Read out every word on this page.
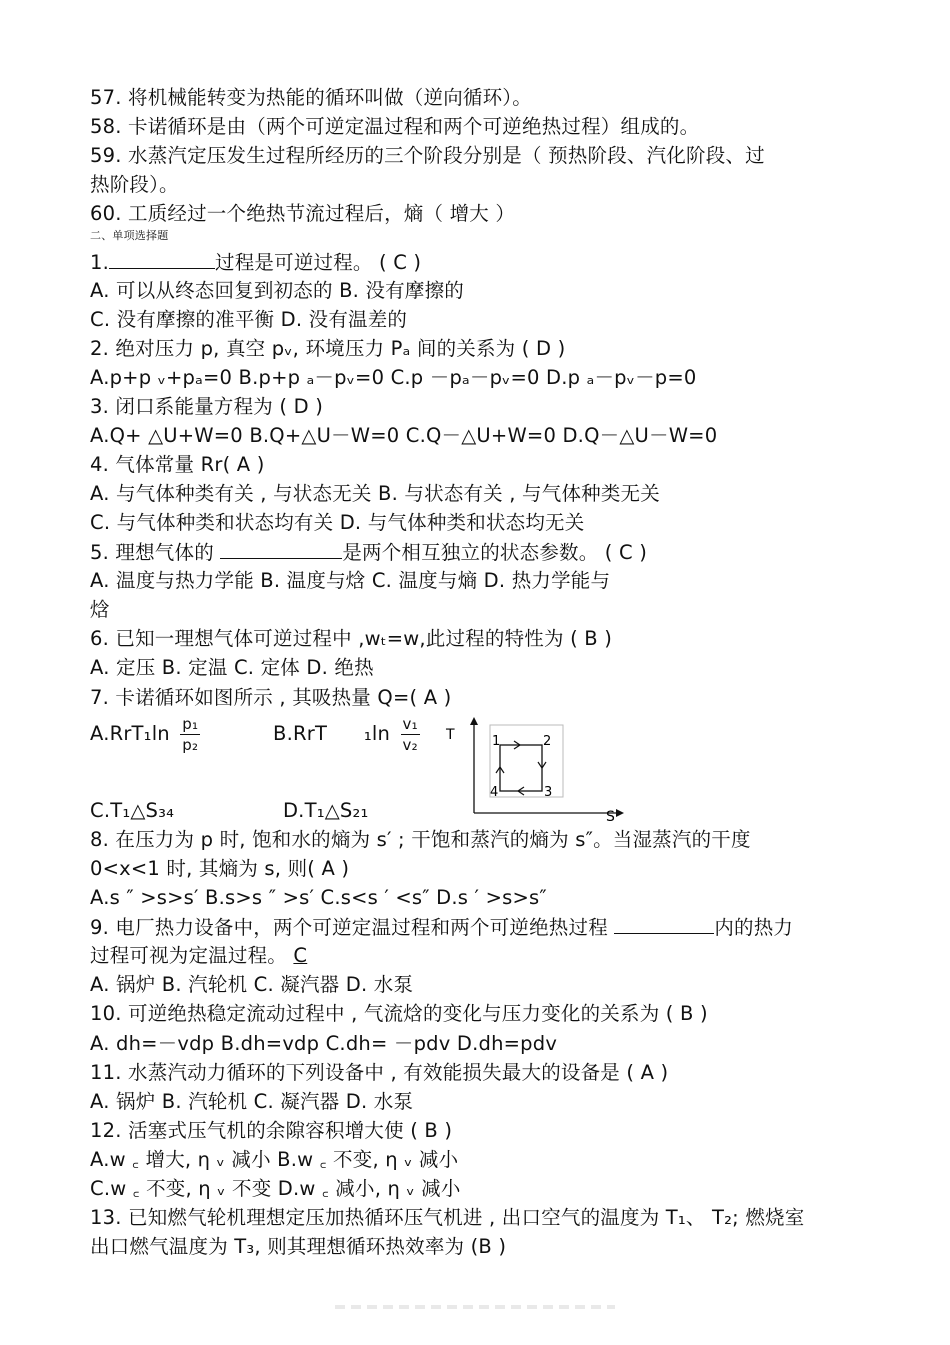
57. 将机械能转变为热能的循环叫做（逆向循环）。
58. 卡诺循环是由（两个可逆定温过程和两个可逆绝热过程）组成的。
59. 水蒸汽定压发生过程所经历的三个阶段分别是（ 预热阶段、汽化阶段、过
热阶段）。
60. 工质经过一个绝热节流过程后，熵（ 增大 ）
二、单项选择题
1.	过程是可逆过程。 ( C )
A. 可以从终态回复到初态的 B. 没有摩擦的
C. 没有摩擦的准平衡 D. 没有温差的
2. 绝对压力 p, 真空 pᵥ, 环境压力 Pₐ 间的关系为 ( D )
A.p+p ᵥ+pₐ=0 B.p+p ₐ－pᵥ=0 C.p －pₐ－pᵥ=0 D.p ₐ－pᵥ－p=0
3. 闭口系能量方程为 ( D )
A.Q+ △U+W=0 B.Q+△U－W=0 C.Q－△U+W=0 D.Q－△U－W=0
4. 气体常量 Rr( A )
A. 与气体种类有关 , 与状态无关 B. 与状态有关 , 与气体种类无关
C. 与气体种类和状态均有关 D. 与气体种类和状态均无关
5. 理想气体的	是两个相互独立的状态参数。 ( C )
A. 温度与热力学能 B. 温度与焓 C. 温度与熵 D. 热力学能与
焓
6. 已知一理想气体可逆过程中 ,wₜ=w,此过程的特性为 ( B )
A. 定压 B. 定温 C. 定体 D. 绝热
7. 卡诺循环如图所示 , 其吸热量 Q=( A )
$A.RrT_1\ln \frac{\text{p₁}}{\text{p₂}}$	B.RrT $_1\ln \frac{\text{v₁}}{\text{v₂}}$
C.T₁△S₃₄	D.T₁△S₂₁
T
S
1	2
3
4
8. 在压力为 p 时, 饱和水的熵为 s′ ; 干饱和蒸汽的熵为 s″。当湿蒸汽的干度
0<x<1 时, 其熵为 s, 则( A )
A.s ″ >s>s′ B.s>s ″ >s′ C.s<s ′ <s″ D.s ′ >s>s″
9. 电厂热力设备中，两个可逆定温过程和两个可逆绝热过程	内的热力
过程可视为定温过程。 C
A. 锅炉 B. 汽轮机 C. 凝汽器 D. 水泵
10. 可逆绝热稳定流动过程中 , 气流焓的变化与压力变化的关系为 ( B )
A. dh=－vdp B.dh=vdp C.dh= －pdv D.dh=pdv
11. 水蒸汽动力循环的下列设备中 , 有效能损失最大的设备是 ( A )
A. 锅炉 B. 汽轮机 C. 凝汽器 D. 水泵
12. 活塞式压气机的余隙容积增大使 ( B )
A.w ꜀ 增大, η ᵥ 减小 B.w ꜀ 不变, η ᵥ 减小
C.w ꜀ 不变, η ᵥ 不变 D.w ꜀ 减小, η ᵥ 减小
13. 已知燃气轮机理想定压加热循环压气机进 , 出口空气的温度为 T₁、 T₂; 燃烧室
出口燃气温度为 T₃, 则其理想循环热效率为 (B )
